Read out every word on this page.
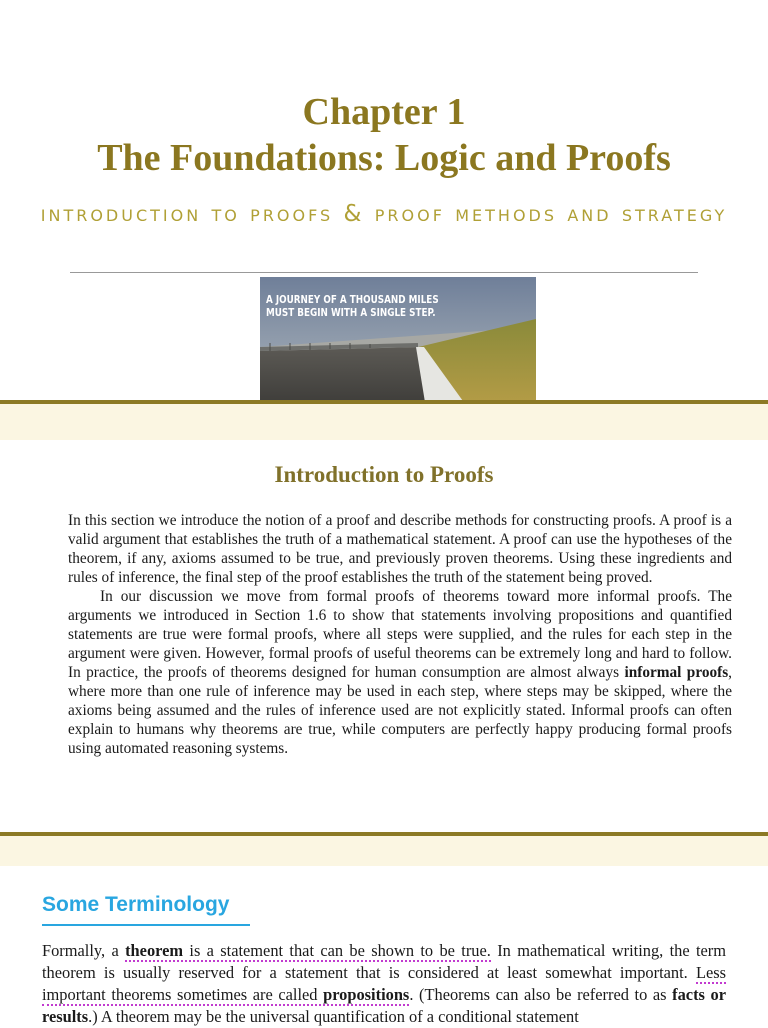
Chapter 1
The Foundations: Logic and Proofs
introduction to proofs & proof methods and strategy
A JOURNEY OF A THOUSAND MILES
MUST BEGIN WITH A SINGLE STEP.
Introduction to Proofs

In this section we introduce the notion of a proof and describe methods for constructing proofs. A proof is a valid argument that establishes the truth of a mathematical statement. A proof can use the hypotheses of the theorem, if any, axioms assumed to be true, and previously proven theorems. Using these ingredients and rules of inference, the final step of the proof establishes the truth of the statement being proved.

In our discussion we move from formal proofs of theorems toward more informal proofs. The arguments we introduced in Section 1.6 to show that statements involving propositions and quantified statements are true were formal proofs, where all steps were supplied, and the rules for each step in the argument were given. However, formal proofs of useful theorems can be extremely long and hard to follow. In practice, the proofs of theorems designed for human consumption are almost always informal proofs, where more than one rule of inference may be used in each step, where steps may be skipped, where the axioms being assumed and the rules of inference used are not explicitly stated. Informal proofs can often explain to humans why theorems are true, while computers are perfectly happy producing formal proofs using automated reasoning systems.

Some Terminology

Formally, a theorem is a statement that can be shown to be true. In mathematical writing, the term theorem is usually reserved for a statement that is considered at least somewhat important. Less important theorems sometimes are called propositions. (Theorems can also be referred to as facts or results.) A theorem may be the universal quantification of a conditional statement
